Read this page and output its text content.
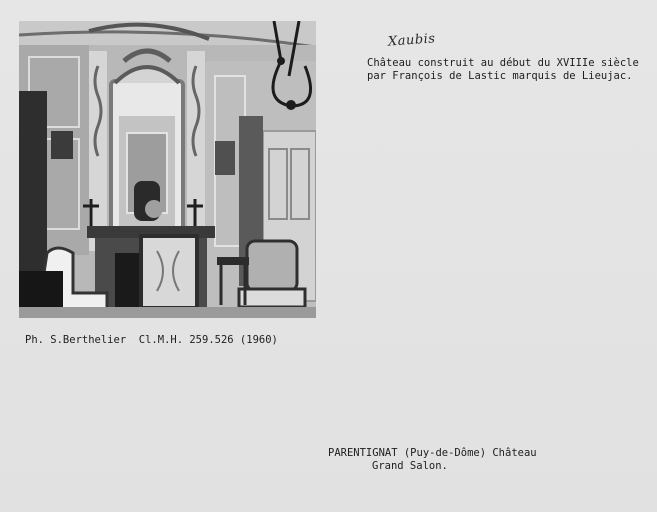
Xaubis
Château construit au début du XVIIIe siècle
par François de Lastic marquis de Lieujac.
Ph. S.Berthelier  Cl.M.H. 259.526 (1960)
PARENTIGNAT (Puy-de-Dôme) Château

Grand Salon.
